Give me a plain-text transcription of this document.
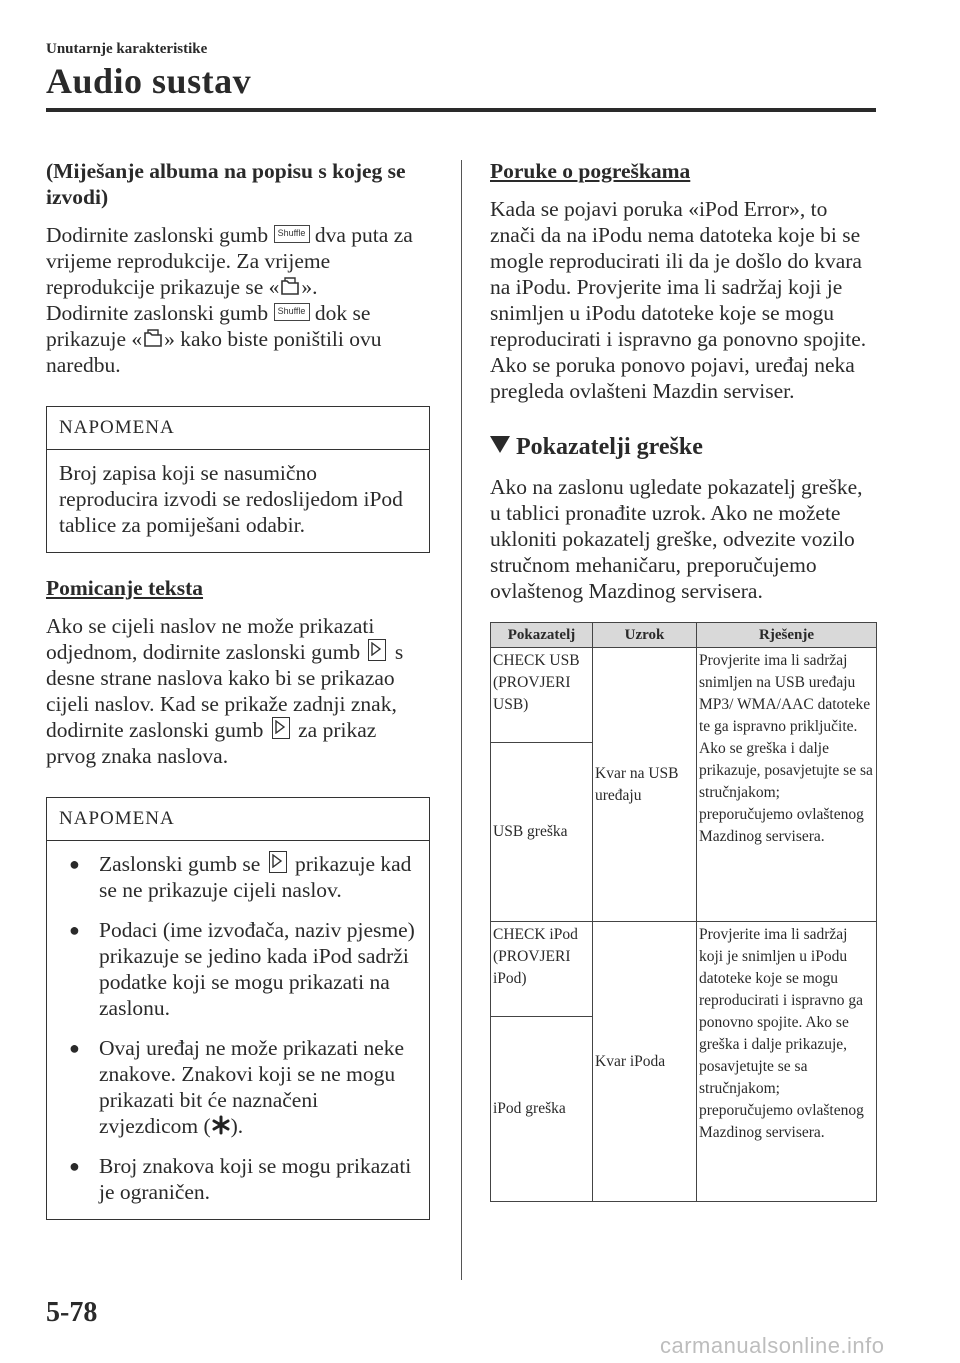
Unutarnje karakteristike
Audio sustav
(Miješanje albuma na popisu s kojeg se izvodi)

Dodirnite zaslonski gumb Shuffle dva puta za vrijeme reprodukcije. Za vrijeme reprodukcije prikazuje se « ».

Dodirnite zaslonski gumb Shuffle dok se prikazuje « » kako biste poništili ovu naredbu.

NAPOMENA
Broj zapisa koji se nasumično reproducira izvodi se redoslijedom iPod tablice za pomiješani odabir.

Pomicanje teksta

Ako se cijeli naslov ne može prikazati odjednom, dodirnite zaslonski gumb s desne strane naslova kako bi se prikazao cijeli naslov. Kad se prikaže zadnji znak, dodirnite zaslonski gumb za prikaz prvog znaka naslova.

NAPOMENA
● Zaslonski gumb se prikazuje kad se ne prikazuje cijeli naslov.
● Podaci (ime izvođača, naziv pjesme) prikazuje se jedino kada iPod sadrži podatke koji se mogu prikazati na zaslonu.
● Ovaj uređaj ne može prikazati neke znakove. Znakovi koji se ne mogu prikazati bit će naznačeni zvjezdicom ( ).
● Broj znakova koji se mogu prikazati je ograničen.

Poruke o pogreškama

Kada se pojavi poruka «iPod Error», to znači da na iPodu nema datoteka koje bi se mogle reproducirati ili da je došlo do kvara na iPodu. Provjerite ima li sadržaj koji je snimljen u iPodu datoteke koje se mogu reproducirati i ispravno ga ponovno spojite. Ako se poruka ponovo pojavi, uređaj neka pregleda ovlašteni Mazdin serviser.

Pokazatelji greške

Ako na zaslonu ugledate pokazatelj greške, u tablici pronađite uzrok. Ako ne možete ukloniti pokazatelj greške, odvezite vozilo stručnom mehaničaru, preporučujemo ovlaštenog Mazdinog servisera.

Pokazatelj	Uzrok	Rješenje
CHECK USB (PROVJERI USB)	Kvar na USB uređaju	Provjerite ima li sadržaj snimljen na USB uređaju MP3/ WMA/AAC datoteke te ga ispravno priključite. Ako se greška i dalje prikazuje, posavjetujte se sa stručnjakom; preporučujemo ovlaštenog Mazdinog servisera.
USB greška		
CHECK iPod (PROVJERI iPod)	Kvar iPoda	Provjerite ima li sadržaj koji je snimljen u iPodu datoteke koje se mogu reproducirati i ispravno ga ponovno spojite. Ako se greška i dalje prikazuje, posavjetujte se sa stručnjakom; preporučujemo ovlaštenog Mazdinog servisera.
iPod greška		
5-78
carmanualsonline.info
